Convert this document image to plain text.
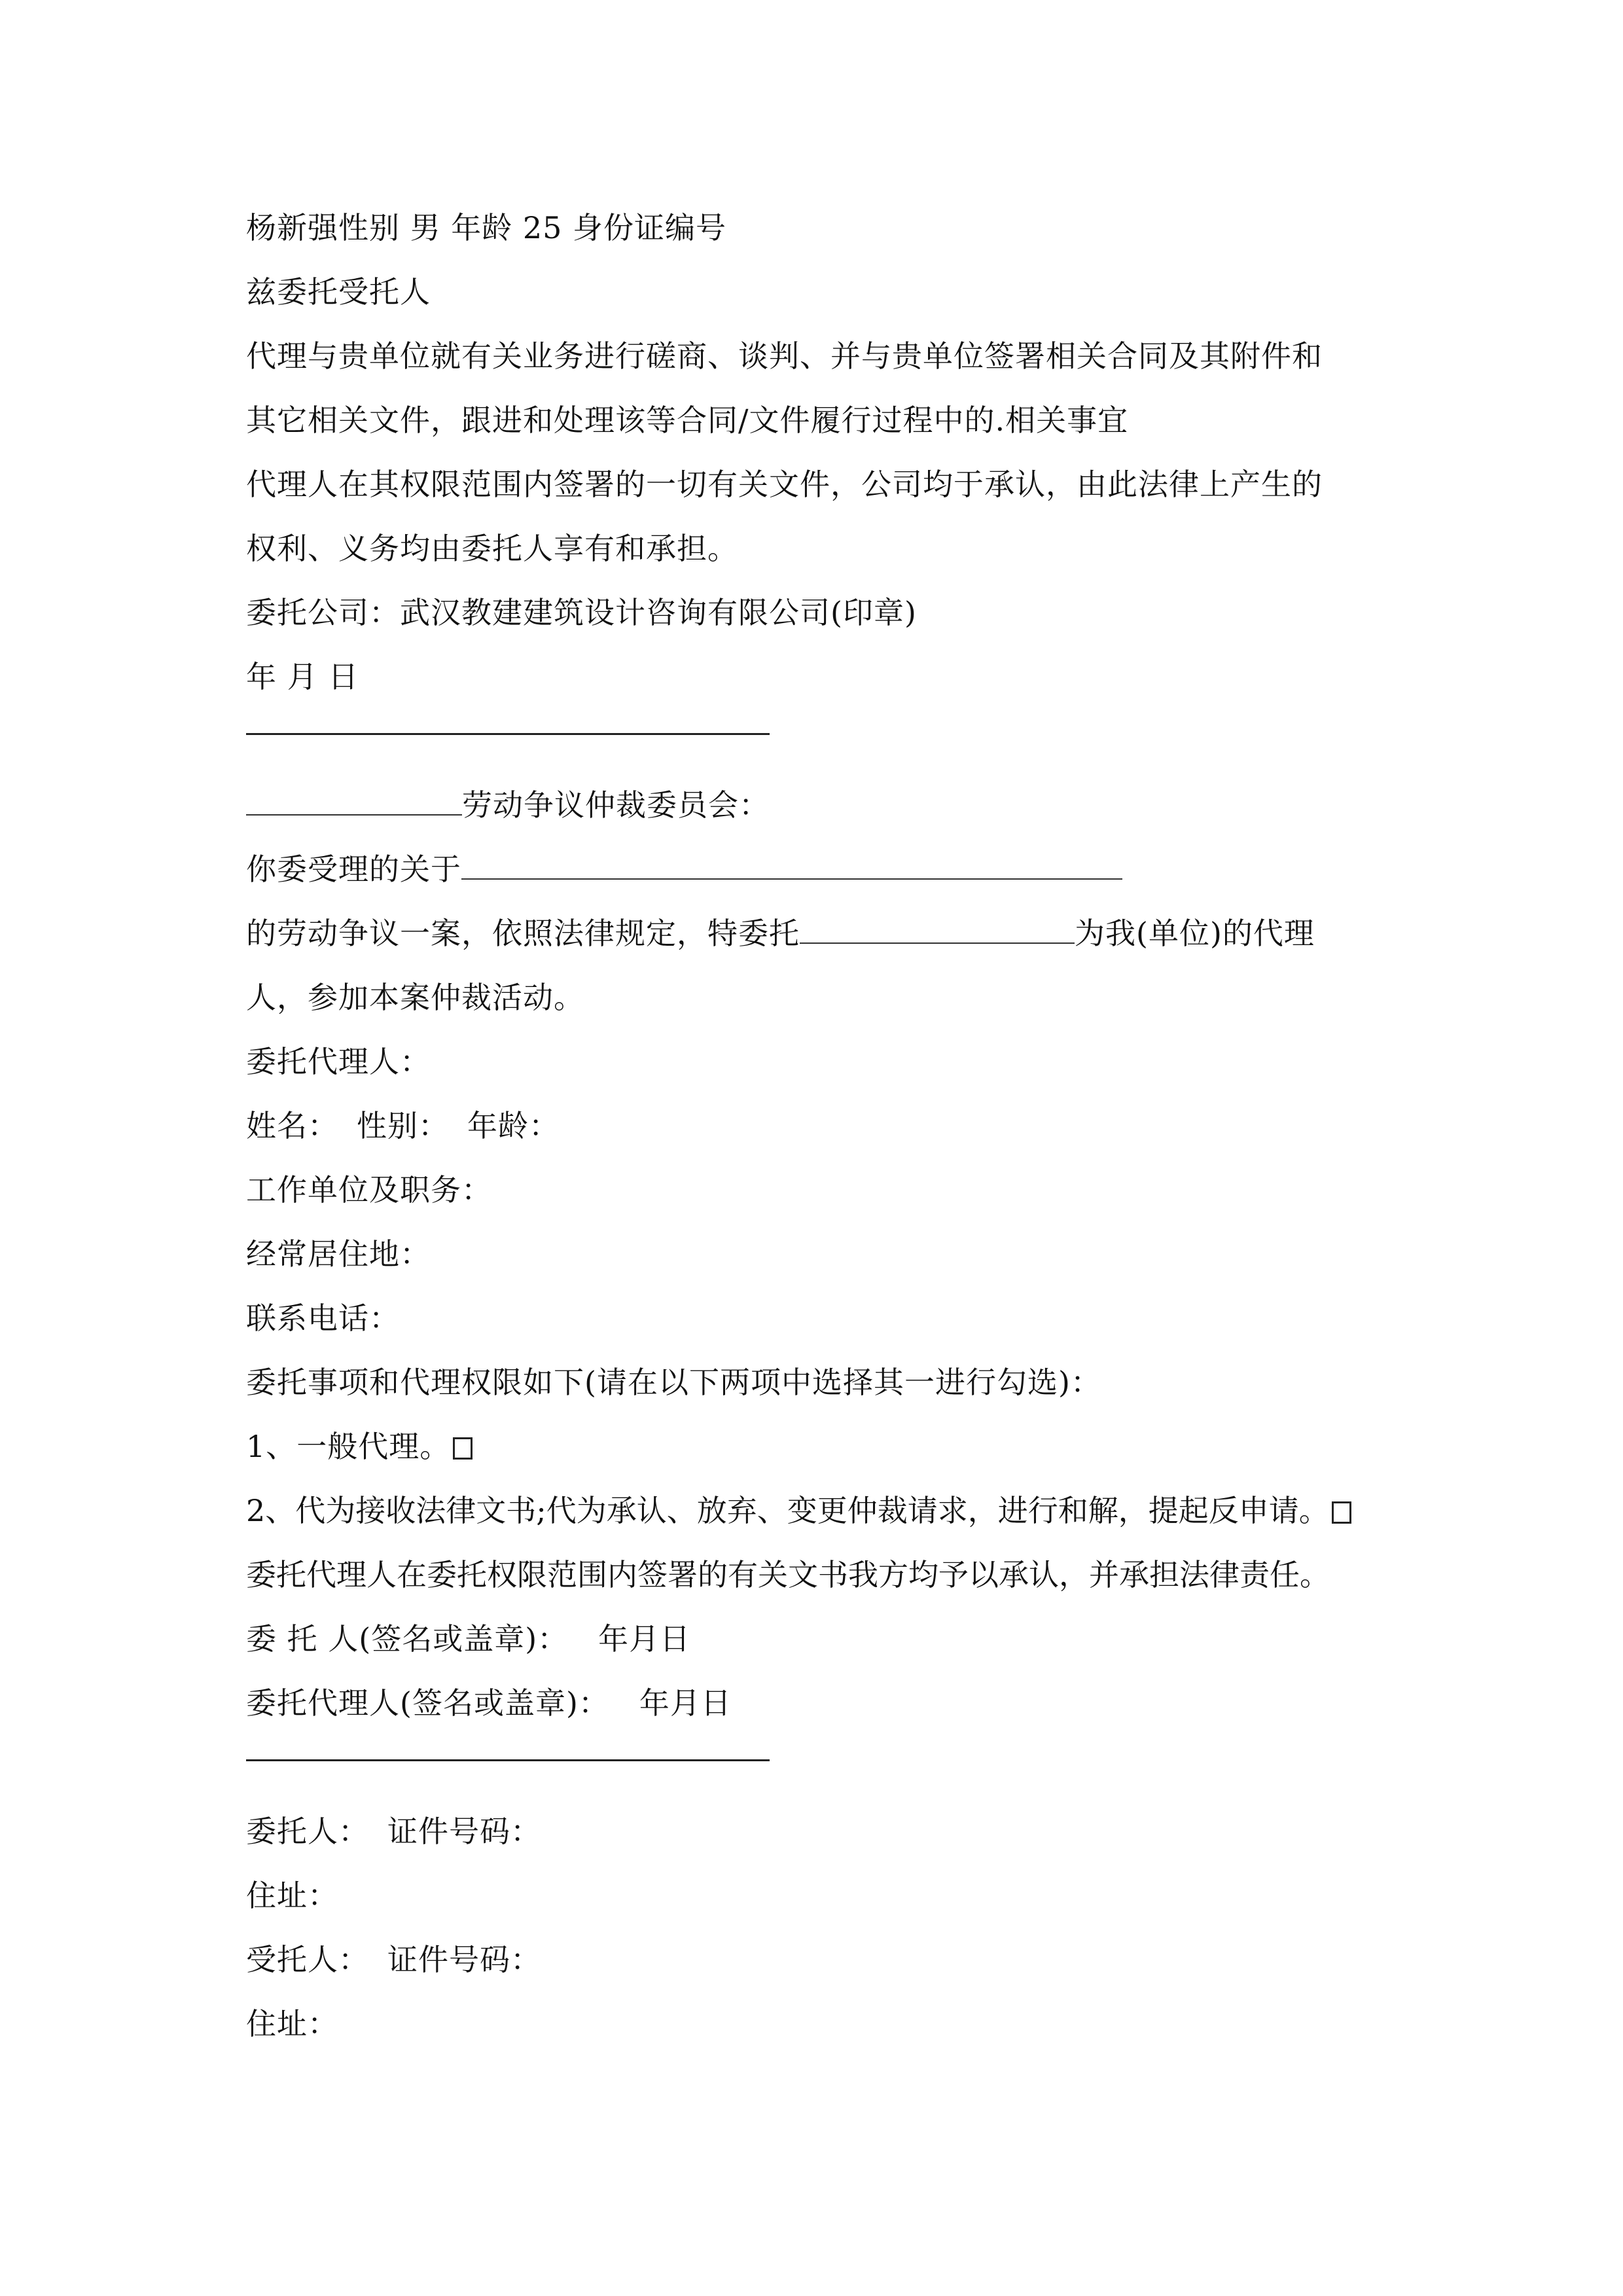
杨新强性别 男 年龄 25 身份证编号
兹委托受托人
代理与贵单位就有关业务进行磋商、谈判、并与贵单位签署相关合同及其附件和
其它相关文件，跟进和处理该等合同/文件履行过程中的.相关事宜
代理人在其权限范围内签署的一切有关文件，公司均于承认，由此法律上产生的
权利、义务均由委托人享有和承担。
委托公司：武汉教建建筑设计咨询有限公司(印章)
年 月 日
劳动争议仲裁委员会：
你委受理的关于
的劳动争议一案，依照法律规定，特委托	为我(单位)的代理
人，参加本案仲裁活动。
委托代理人：
姓名： 性别： 年龄：
工作单位及职务：
经常居住地：
联系电话：
委托事项和代理权限如下(请在以下两项中选择其一进行勾选)：
1、一般代理。
2、代为接收法律文书;代为承认、放弃、变更仲裁请求，进行和解，提起反申请。
委托代理人在委托权限范围内签署的有关文书我方均予以承认，并承担法律责任。
委 托 人(签名或盖章)： 年月日
委托代理人(签名或盖章)： 年月日
委托人： 证件号码：
住址：
受托人： 证件号码：
住址：
